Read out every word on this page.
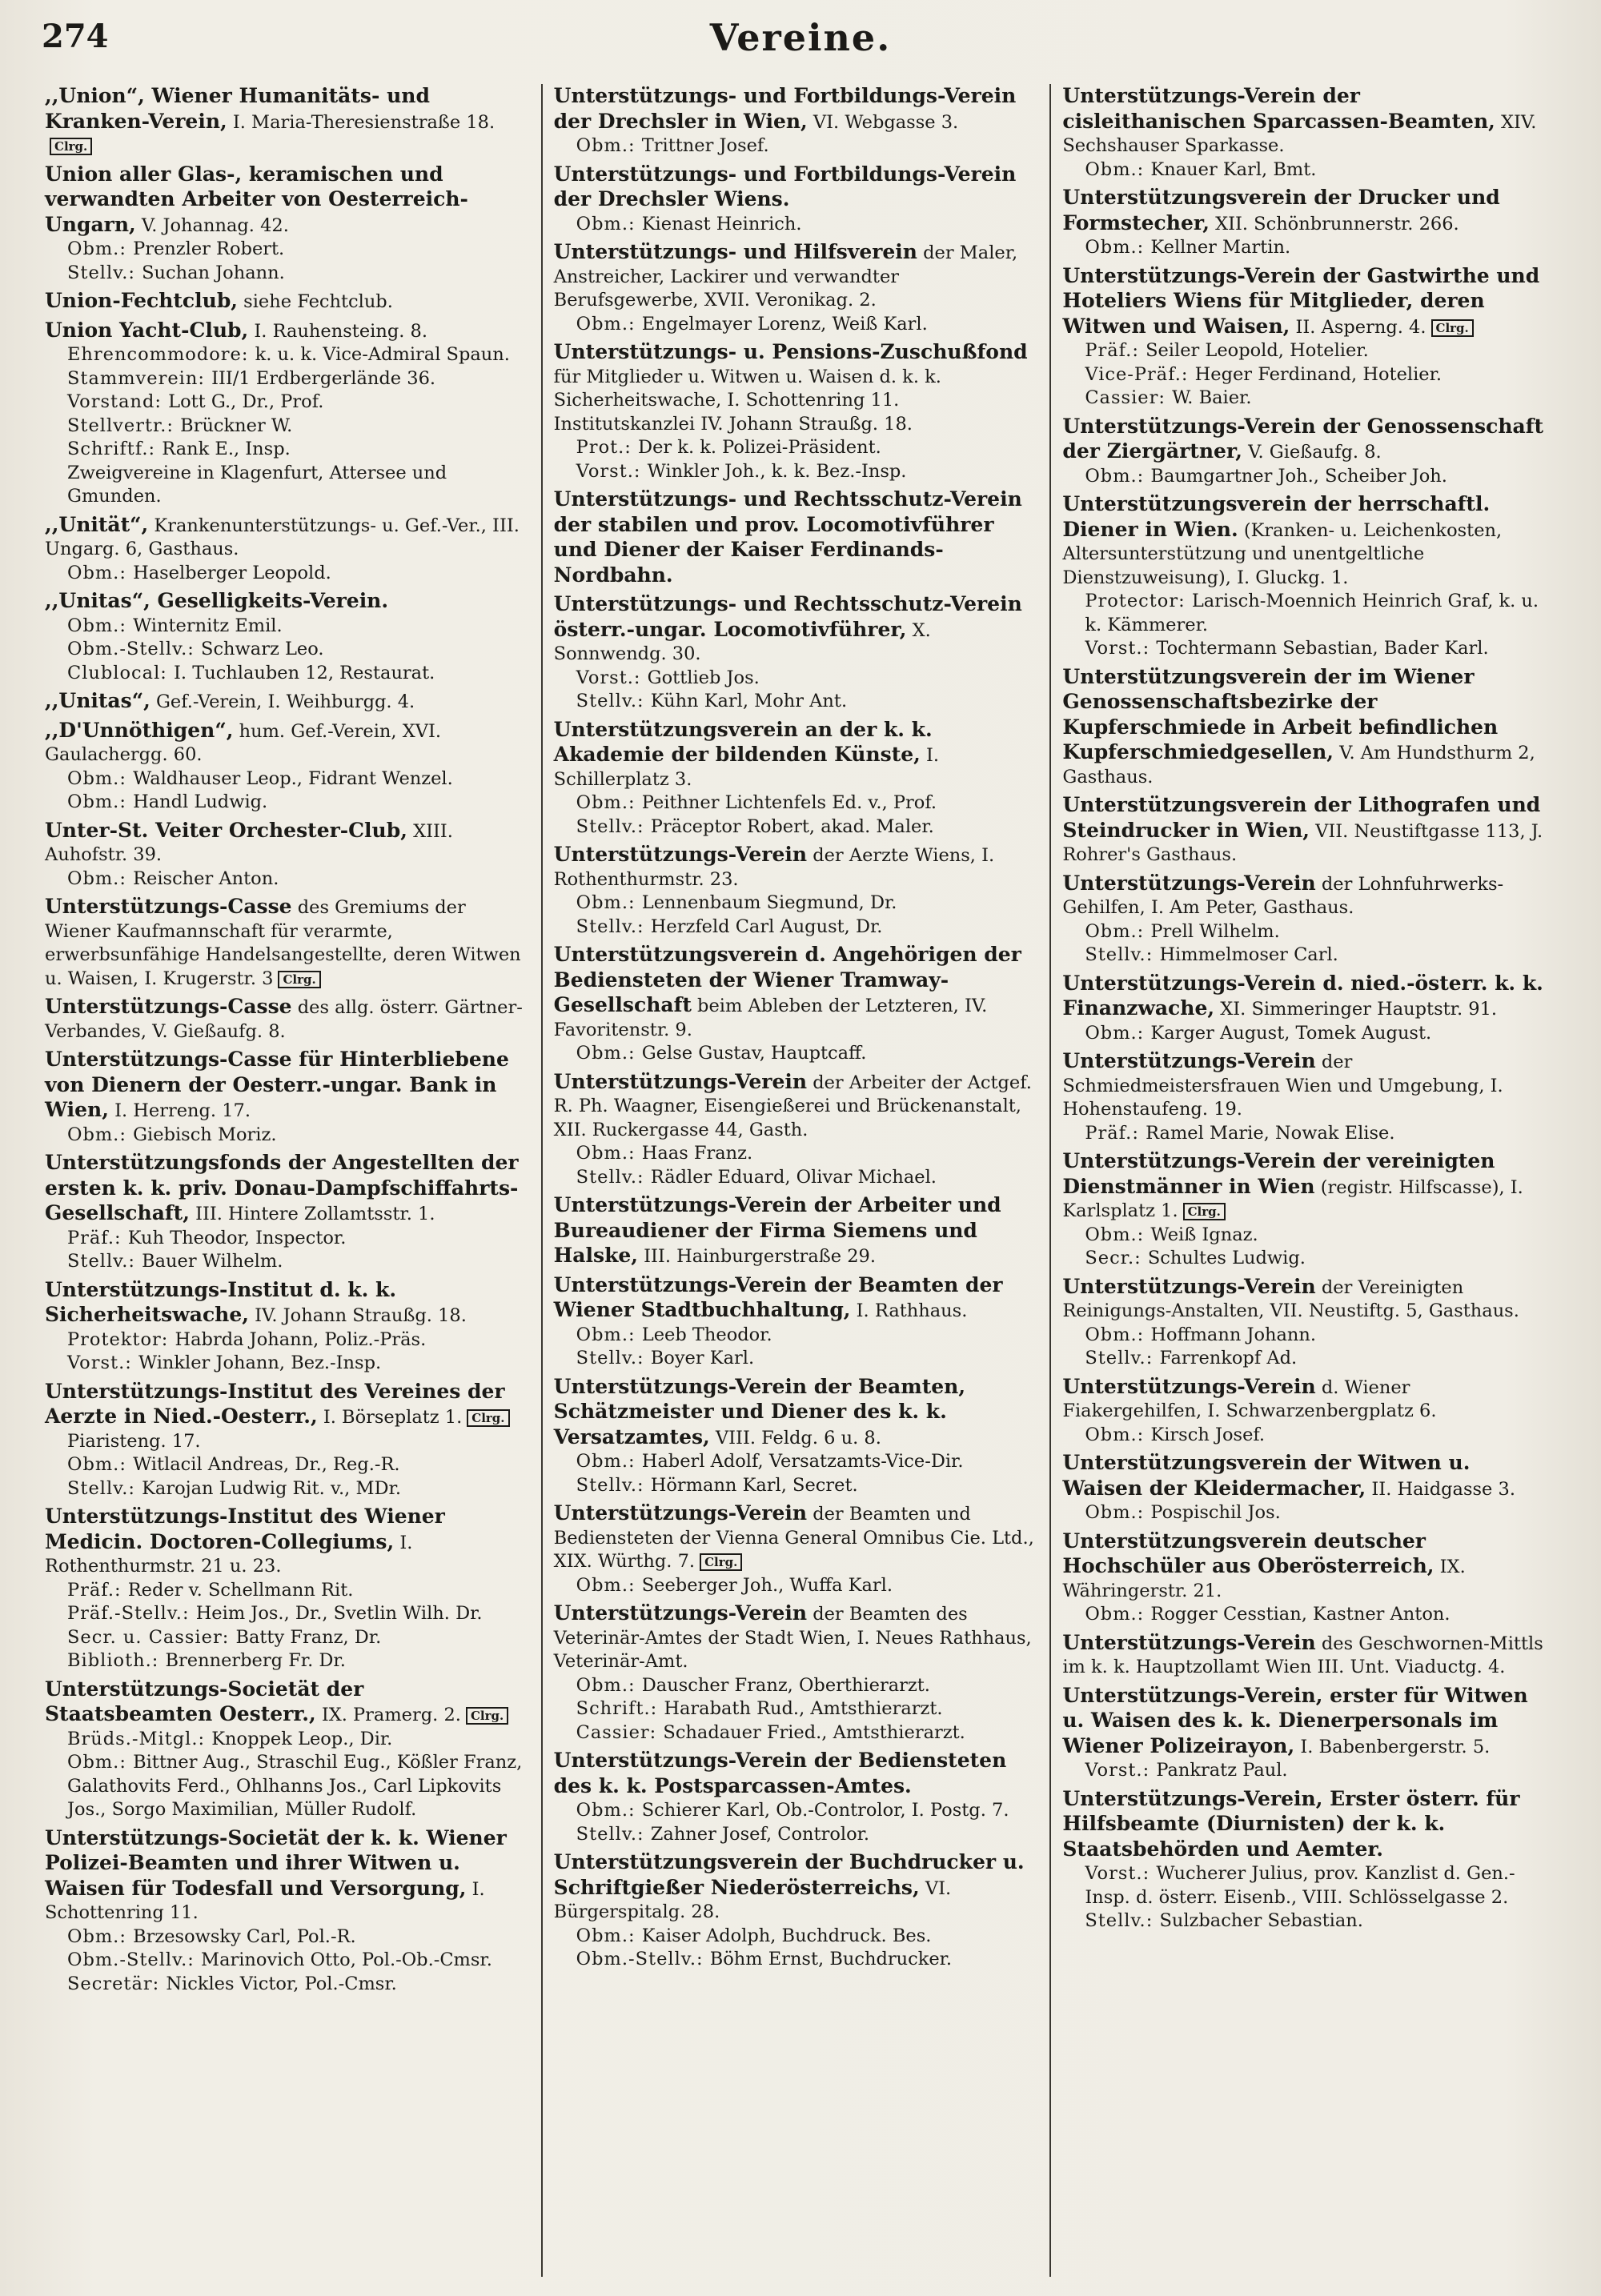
274	Vereine.
,,Union“, Wiener Humanitäts- und Kranken-Verein, I. Maria-Theresienstraße 18.Clrg.
Union aller Glas-, keramischen und verwandten Arbeiter von Oesterreich-Ungarn, V. Johannag. 42.
Obm.: Prenzler Robert.
Stellv.: Suchan Johann.
Union-Fechtclub, siehe Fechtclub.
Union Yacht-Club, I. Rauhensteing. 8.
Ehrencommodore: k. u. k. Vice-Admiral Spaun.
Stammverein: III/1 Erdbergerlände 36.
Vorstand: Lott G., Dr., Prof.
Stellvertr.: Brückner W.
Schriftf.: Rank E., Insp.
Zweigvereine in Klagenfurt, Attersee und Gmunden.
,,Unität“, Krankenunterstützungs- u. Gef.-Ver., III. Ungarg. 6, Gasthaus.
Obm.: Haselberger Leopold.
,,Unitas“, Geselligkeits-Verein.
Obm.: Winternitz Emil.
Obm.-Stellv.: Schwarz Leo.
Clublocal: I. Tuchlauben 12, Restaurat.
,,Unitas“, Gef.-Verein, I. Weihburgg. 4.
,,D'Unnöthigen“, hum. Gef.-Verein, XVI. Gaulachergg. 60.
Obm.: Waldhauser Leop., Fidrant Wenzel.
Obm.: Handl Ludwig.
Unter-St. Veiter Orchester-Club, XIII. Auhofstr. 39.
Obm.: Reischer Anton.
Unterstützungs-Casse des Gremiums der Wiener Kaufmannschaft für verarmte, erwerbsunfähige Handelsangestellte, deren Witwen u. Waisen, I. Krugerstr. 3 Clrg.
Unterstützungs-Casse des allg. österr. Gärtner-Verbandes, V. Gießaufg. 8.
Unterstützungs-Casse für Hinterbliebene von Dienern der Oesterr.-ungar. Bank in Wien, I. Herreng. 17.
Obm.: Giebisch Moriz.
Unterstützungsfonds der Angestellten der ersten k. k. priv. Donau-Dampfschiffahrts-Gesellschaft, III. Hintere Zollamtsstr. 1.
Präf.: Kuh Theodor, Inspector.
Stellv.: Bauer Wilhelm.
Unterstützungs-Institut d. k. k. Sicherheitswache, IV. Johann Straußg. 18.
Protektor: Habrda Johann, Poliz.-Präs.
Vorst.: Winkler Johann, Bez.-Insp.
Unterstützungs-Institut des Vereines der Aerzte in Nied.-Oesterr., I. Börseplatz 1. Clrg.
Piaristeng. 17.
Obm.: Witlacil Andreas, Dr., Reg.-R.
Stellv.: Karojan Ludwig Rit. v., MDr.
Unterstützungs-Institut des Wiener Medicin. Doctoren-Collegiums, I. Rothenthurmstr. 21 u. 23.
Präf.: Reder v. Schellmann Rit.
Präf.-Stellv.: Heim Jos., Dr., Svetlin Wilh. Dr.
Secr. u. Cassier: Batty Franz, Dr.
Biblioth.: Brennerberg Fr. Dr.
Unterstützungs-Societät der Staatsbeamten Oesterr., IX. Pramerg. 2. Clrg.
Brüds.-Mitgl.: Knoppek Leop., Dir.
Obm.: Bittner Aug., Straschil Eug., Kößler Franz, Galathovits Ferd., Ohlhanns Jos., Carl Lipkovits Jos., Sorgo Maximilian, Müller Rudolf.
Unterstützungs-Societät der k. k. Wiener Polizei-Beamten und ihrer Witwen u. Waisen für Todesfall und Versorgung, I. Schottenring 11.
Obm.: Brzesowsky Carl, Pol.-R.
Obm.-Stellv.: Marinovich Otto, Pol.-Ob.-Cmsr.
Secretär: Nickles Victor, Pol.-Cmsr.
Unterstützungs- und Fortbildungs-Verein der Drechsler in Wien, VI. Webgasse 3.
Obm.: Trittner Josef.
Unterstützungs- und Fortbildungs-Verein der Drechsler Wiens.
Obm.: Kienast Heinrich.
Unterstützungs- und Hilfsverein der Maler, Anstreicher, Lackirer und verwandter Berufsgewerbe, XVII. Veronikag. 2.
Obm.: Engelmayer Lorenz, Weiß Karl.
Unterstützungs- u. Pensions-Zuschußfond für Mitglieder u. Witwen u. Waisen d. k. k. Sicherheitswache, I. Schottenring 11. Institutskanzlei IV. Johann Straußg. 18.
Prot.: Der k. k. Polizei-Präsident.
Vorst.: Winkler Joh., k. k. Bez.-Insp.
Unterstützungs- und Rechtsschutz-Verein der stabilen und prov. Locomotivführer und Diener der Kaiser Ferdinands-Nordbahn.
Unterstützungs- und Rechtsschutz-Verein österr.-ungar. Locomotivführer, X. Sonnwendg. 30.
Vorst.: Gottlieb Jos.
Stellv.: Kühn Karl, Mohr Ant.
Unterstützungsverein an der k. k. Akademie der bildenden Künste, I. Schillerplatz 3.
Obm.: Peithner Lichtenfels Ed. v., Prof.
Stellv.: Präceptor Robert, akad. Maler.
Unterstützungs-Verein der Aerzte Wiens, I. Rothenthurmstr. 23.
Obm.: Lennenbaum Siegmund, Dr.
Stellv.: Herzfeld Carl August, Dr.
Unterstützungsverein d. Angehörigen der Bediensteten der Wiener Tramway-Gesellschaft beim Ableben der Letzteren, IV. Favoritenstr. 9.
Obm.: Gelse Gustav, Hauptcaff.
Unterstützungs-Verein der Arbeiter der Actgef. R. Ph. Waagner, Eisengießerei und Brückenanstalt, XII. Ruckergasse 44, Gasth.
Obm.: Haas Franz.
Stellv.: Rädler Eduard, Olivar Michael.
Unterstützungs-Verein der Arbeiter und Bureaudiener der Firma Siemens und Halske, III. Hainburgerstraße 29.
Unterstützungs-Verein der Beamten der Wiener Stadtbuchhaltung, I. Rathhaus.
Obm.: Leeb Theodor.
Stellv.: Boyer Karl.
Unterstützungs-Verein der Beamten, Schätzmeister und Diener des k. k. Versatzamtes, VIII. Feldg. 6 u. 8.
Obm.: Haberl Adolf, Versatzamts-Vice-Dir.
Stellv.: Hörmann Karl, Secret.
Unterstützungs-Verein der Beamten und Bediensteten der Vienna General Omnibus Cie. Ltd., XIX. Würthg. 7. Clrg.
Obm.: Seeberger Joh., Wuffa Karl.
Unterstützungs-Verein der Beamten des Veterinär-Amtes der Stadt Wien, I. Neues Rathhaus, Veterinär-Amt.
Obm.: Dauscher Franz, Oberthierarzt.
Schrift.: Harabath Rud., Amtsthierarzt.
Cassier: Schadauer Fried., Amtsthierarzt.
Unterstützungs-Verein der Bediensteten des k. k. Postsparcassen-Amtes.
Obm.: Schierer Karl, Ob.-Controlor, I. Postg. 7.
Stellv.: Zahner Josef, Controlor.
Unterstützungsverein der Buchdrucker u. Schriftgießer Niederösterreichs, VI. Bürgerspitalg. 28.
Obm.: Kaiser Adolph, Buchdruck. Bes.
Obm.-Stellv.: Böhm Ernst, Buchdrucker.
Unterstützungs-Verein der cisleithanischen Sparcassen-Beamten, XIV. Sechshauser Sparkasse.
Obm.: Knauer Karl, Bmt.
Unterstützungsverein der Drucker und Formstecher, XII. Schönbrunnerstr. 266.
Obm.: Kellner Martin.
Unterstützungs-Verein der Gastwirthe und Hoteliers Wiens für Mitglieder, deren Witwen und Waisen, II. Asperng. 4. Clrg.
Präf.: Seiler Leopold, Hotelier.
Vice-Präf.: Heger Ferdinand, Hotelier.
Cassier: W. Baier.
Unterstützungs-Verein der Genossenschaft der Ziergärtner, V. Gießaufg. 8.
Obm.: Baumgartner Joh., Scheiber Joh.
Unterstützungsverein der herrschaftl. Diener in Wien. (Kranken- u. Leichenkosten, Altersunterstützung und unentgeltliche Dienstzuweisung), I. Gluckg. 1.
Protector: Larisch-Moennich Heinrich Graf, k. u. k. Kämmerer.
Vorst.: Tochtermann Sebastian, Bader Karl.
Unterstützungsverein der im Wiener Genossenschaftsbezirke der Kupferschmiede in Arbeit befindlichen Kupferschmiedgesellen, V. Am Hundsthurm 2, Gasthaus.
Unterstützungsverein der Lithografen und Steindrucker in Wien, VII. Neustiftgasse 113, J. Rohrer's Gasthaus.
Unterstützungs-Verein der Lohnfuhrwerks-Gehilfen, I. Am Peter, Gasthaus.
Obm.: Prell Wilhelm.
Stellv.: Himmelmoser Carl.
Unterstützungs-Verein d. nied.-österr. k. k. Finanzwache, XI. Simmeringer Hauptstr. 91.
Obm.: Karger August, Tomek August.
Unterstützungs-Verein der Schmiedmeistersfrauen Wien und Umgebung, I. Hohenstaufeng. 19.
Präf.: Ramel Marie, Nowak Elise.
Unterstützungs-Verein der vereinigten Dienstmänner in Wien (registr. Hilfscasse), I. Karlsplatz 1. Clrg.
Obm.: Weiß Ignaz.
Secr.: Schultes Ludwig.
Unterstützungs-Verein der Vereinigten Reinigungs-Anstalten, VII. Neustiftg. 5, Gasthaus.
Obm.: Hoffmann Johann.
Stellv.: Farrenkopf Ad.
Unterstützungs-Verein d. Wiener Fiakergehilfen, I. Schwarzenbergplatz 6.
Obm.: Kirsch Josef.
Unterstützungsverein der Witwen u. Waisen der Kleidermacher, II. Haidgasse 3.
Obm.: Pospischil Jos.
Unterstützungsverein deutscher Hochschüler aus Oberösterreich, IX. Währingerstr. 21.
Obm.: Rogger Cesstian, Kastner Anton.
Unterstützungs-Verein des Geschwornen-Mittls im k. k. Hauptzollamt Wien III. Unt. Viaductg. 4.
Unterstützungs-Verein, erster für Witwen u. Waisen des k. k. Dienerpersonals im Wiener Polizeirayon, I. Babenbergerstr. 5.
Vorst.: Pankratz Paul.
Unterstützungs-Verein, Erster österr. für Hilfsbeamte (Diurnisten) der k. k. Staatsbehörden und Aemter.
Vorst.: Wucherer Julius, prov. Kanzlist d. Gen.-Insp. d. österr. Eisenb., VIII. Schlösselgasse 2.
Stellv.: Sulzbacher Sebastian.
